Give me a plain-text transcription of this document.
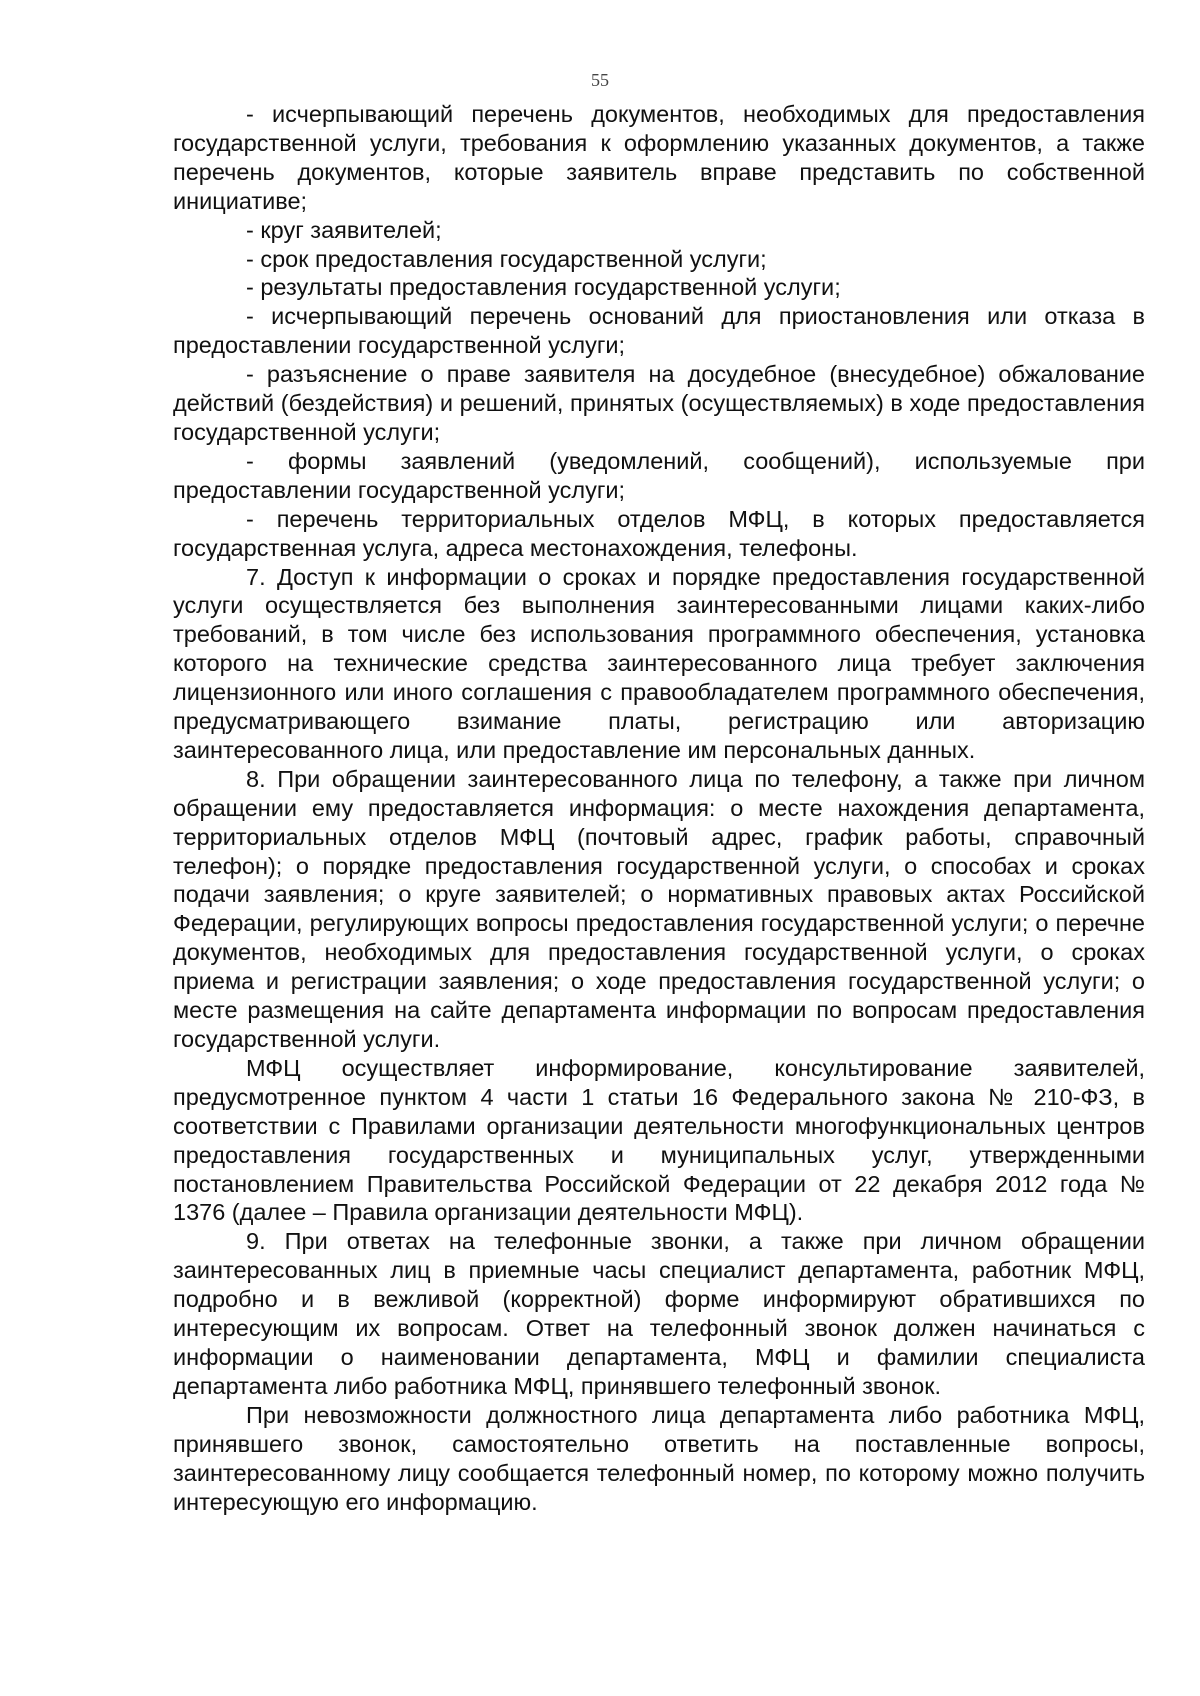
55

- исчерпывающий перечень документов, необходимых для предоставления государственной услуги, требования к оформлению указанных документов, а также перечень документов, которые заявитель вправе представить по собственной инициативе;

- круг заявителей;

- срок предоставления государственной услуги;

- результаты предоставления государственной услуги;

- исчерпывающий перечень оснований для приостановления или отказа в предоставлении государственной услуги;

- разъяснение о праве заявителя на досудебное (внесудебное) обжалование действий (бездействия) и решений, принятых (осуществляемых) в ходе предоставления государственной услуги;

- формы заявлений (уведомлений, сообщений), используемые при предоставлении государственной услуги;

- перечень территориальных отделов МФЦ, в которых предоставляется государственная услуга, адреса местонахождения, телефоны.

7. Доступ к информации о сроках и порядке предоставления государственной услуги осуществляется без выполнения заинтересованными лицами каких-либо требований, в том числе без использования программного обеспечения, установка которого на технические средства заинтересованного лица требует заключения лицензионного или иного соглашения с правообладателем программного обеспечения, предусматривающего взимание платы, регистрацию или авторизацию заинтересованного лица, или предоставление им персональных данных.

8. При обращении заинтересованного лица по телефону, а также при личном обращении ему предоставляется информация: о месте нахождения департамента, территориальных отделов МФЦ (почтовый адрес, график работы, справочный телефон); о порядке предоставления государственной услуги, о способах и сроках подачи заявления; о круге заявителей; о нормативных правовых актах Российской Федерации, регулирующих вопросы предоставления государственной услуги; о перечне документов, необходимых для предоставления государственной услуги, о сроках приема и регистрации заявления; о ходе предоставления государственной услуги; о месте размещения на сайте департамента информации по вопросам предоставления государственной услуги.

МФЦ осуществляет информирование, консультирование заявителей, предусмотренное пунктом 4 части 1 статьи 16 Федерального закона № 210-ФЗ, в соответствии с Правилами организации деятельности многофункциональных центров предоставления государственных и муниципальных услуг, утвержденными постановлением Правительства Российской Федерации от 22 декабря 2012 года № 1376 (далее – Правила организации деятельности МФЦ).

9. При ответах на телефонные звонки, а также при личном обращении заинтересованных лиц в приемные часы специалист департамента, работник МФЦ, подробно и в вежливой (корректной) форме информируют обратившихся по интересующим их вопросам. Ответ на телефонный звонок должен начинаться с информации о наименовании департамента, МФЦ и фамилии специалиста департамента либо работника МФЦ, принявшего телефонный звонок.

При невозможности должностного лица департамента либо работника МФЦ, принявшего звонок, самостоятельно ответить на поставленные вопросы, заинтересованному лицу сообщается телефонный номер, по которому можно получить интересующую его информацию.
